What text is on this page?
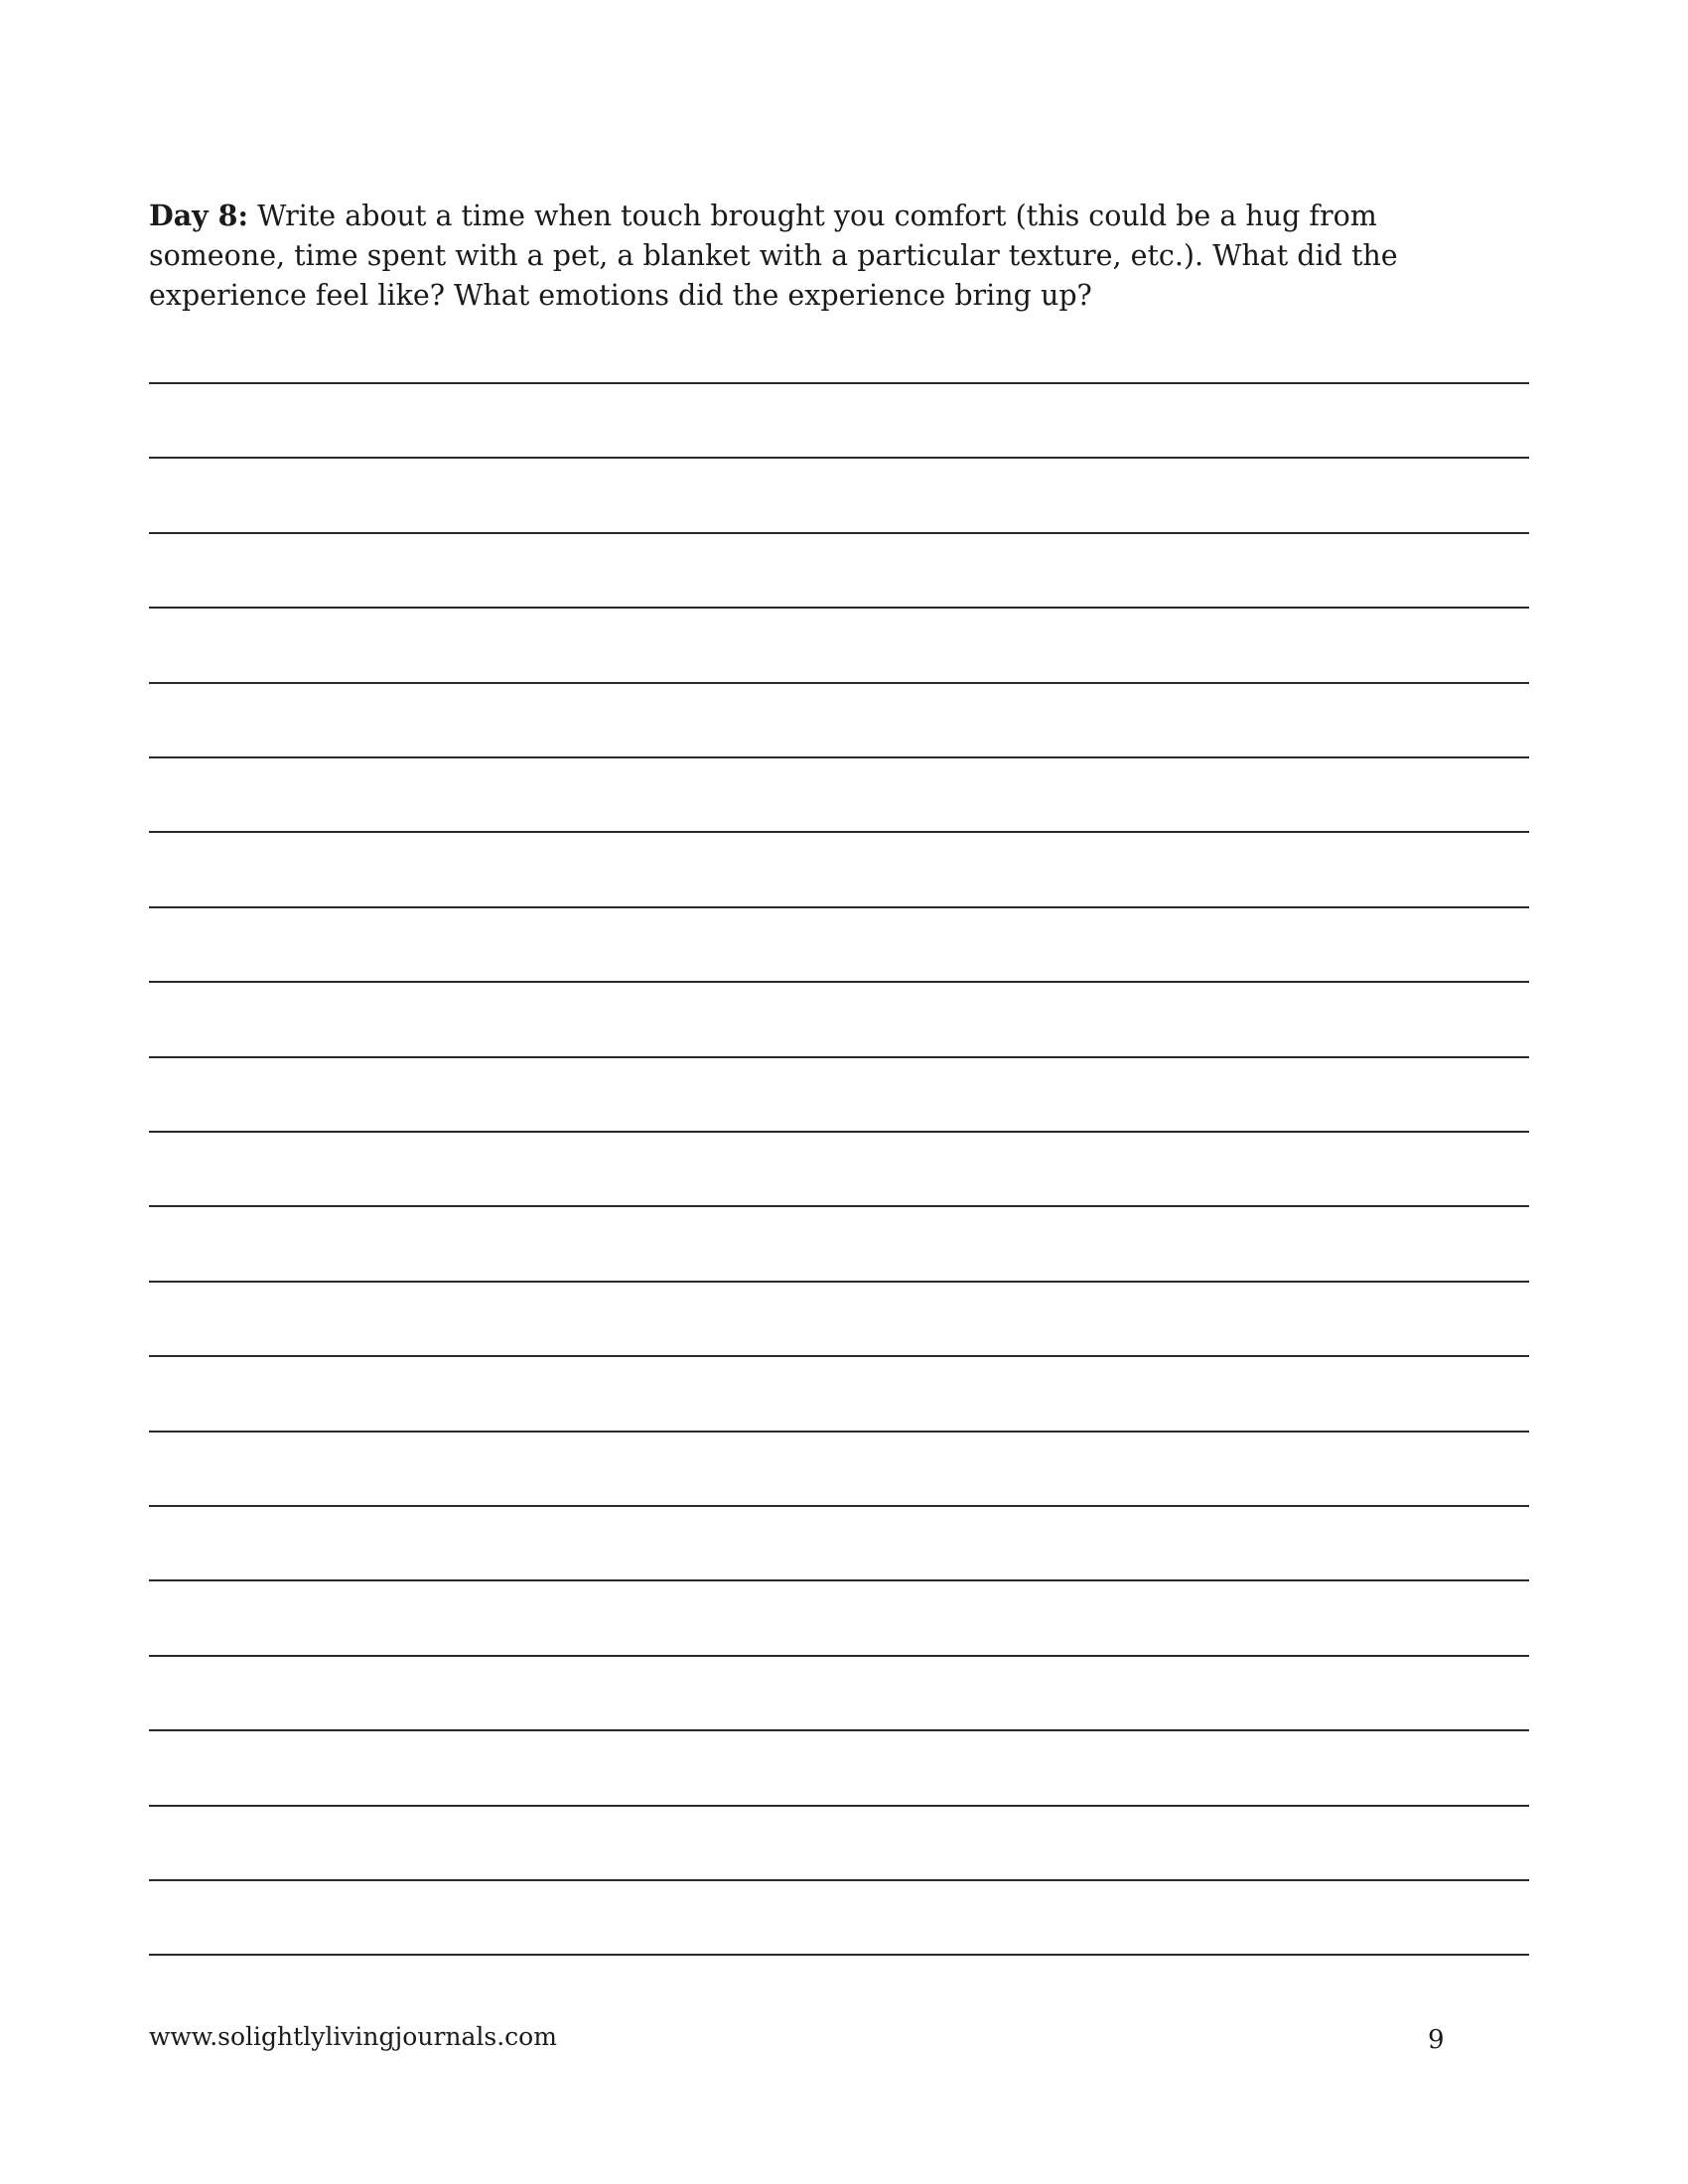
Day 8: Write about a time when touch brought you comfort (this could be a hug from someone, time spent with a pet, a blanket with a particular texture, etc.). What did the experience feel like? What emotions did the experience bring up?

www.solightlylivingjournals.com	9
